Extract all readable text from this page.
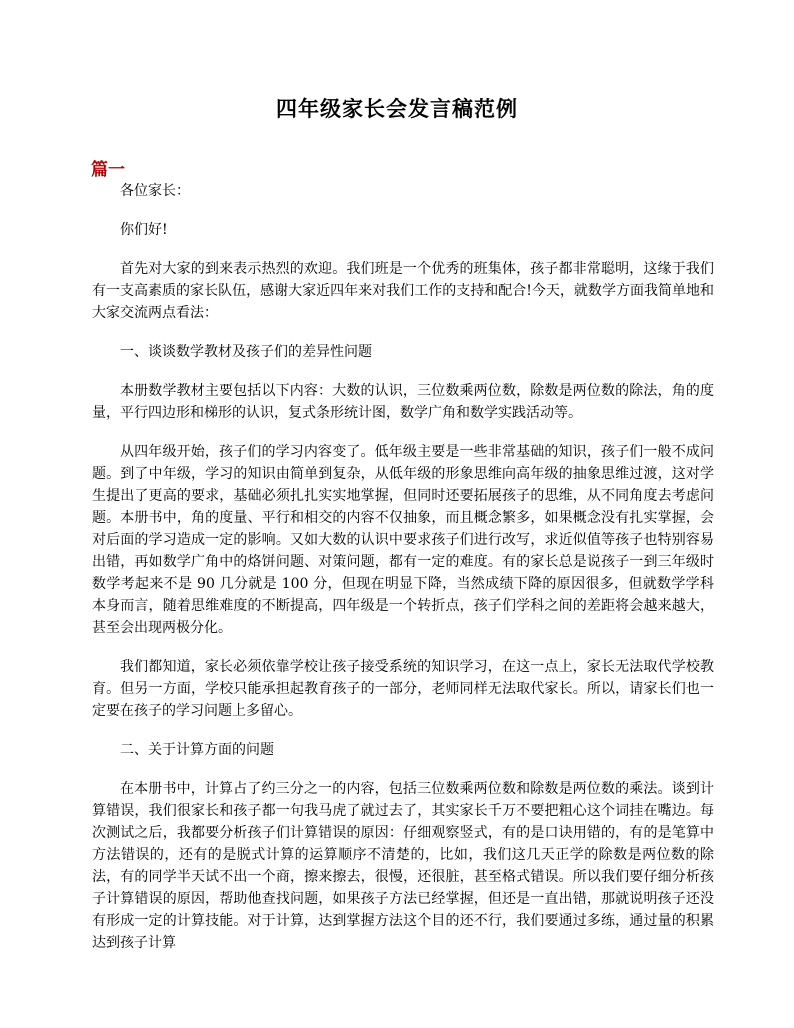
四年级家长会发言稿范例
篇一

各位家长：

你们好!

首先对大家的到来表示热烈的欢迎。我们班是一个优秀的班集体，孩子都非常聪明，这缘于我们有一支高素质的家长队伍，感谢大家近四年来对我们工作的支持和配合!今天，就数学方面我简单地和大家交流两点看法：

一、谈谈数学教材及孩子们的差异性问题

本册数学教材主要包括以下内容：大数的认识，三位数乘两位数，除数是两位数的除法，角的度量，平行四边形和梯形的认识，复式条形统计图，数学广角和数学实践活动等。

从四年级开始，孩子们的学习内容变了。低年级主要是一些非常基础的知识，孩子们一般不成问题。到了中年级，学习的知识由简单到复杂，从低年级的形象思维向高年级的抽象思维过渡，这对学生提出了更高的要求，基础必须扎扎实实地掌握，但同时还要拓展孩子的思维，从不同角度去考虑问题。本册书中，角的度量、平行和相交的内容不仅抽象，而且概念繁多，如果概念没有扎实掌握，会对后面的学习造成一定的影响。又如大数的认识中要求孩子们进行改写，求近似值等孩子也特别容易出错，再如数学广角中的烙饼问题、对策问题，都有一定的难度。有的家长总是说孩子一到三年级时数学考起来不是 90 几分就是 100 分，但现在明显下降，当然成绩下降的原因很多，但就数学学科本身而言，随着思维难度的不断提高，四年级是一个转折点，孩子们学科之间的差距将会越来越大，甚至会出现两极分化。

我们都知道，家长必须依靠学校让孩子接受系统的知识学习，在这一点上，家长无法取代学校教育。但另一方面，学校只能承担起教育孩子的一部分，老师同样无法取代家长。所以，请家长们也一定要在孩子的学习问题上多留心。

二、关于计算方面的问题

在本册书中，计算占了约三分之一的内容，包括三位数乘两位数和除数是两位数的乘法。谈到计算错误，我们很家长和孩子都一句我马虎了就过去了，其实家长千万不要把粗心这个词挂在嘴边。每次测试之后，我都要分析孩子们计算错误的原因：仔细观察竖式，有的是口诀用错的，有的是笔算中方法错误的，还有的是脱式计算的运算顺序不清楚的，比如，我们这几天正学的除数是两位数的除法，有的同学半天试不出一个商，擦来擦去，很慢，还很脏，甚至格式错误。所以我们要仔细分析孩子计算错误的原因，帮助他查找问题，如果孩子方法已经掌握，但还是一直出错，那就说明孩子还没有形成一定的计算技能。对于计算，达到掌握方法这个目的还不行，我们要通过多练，通过量的积累达到孩子计算
